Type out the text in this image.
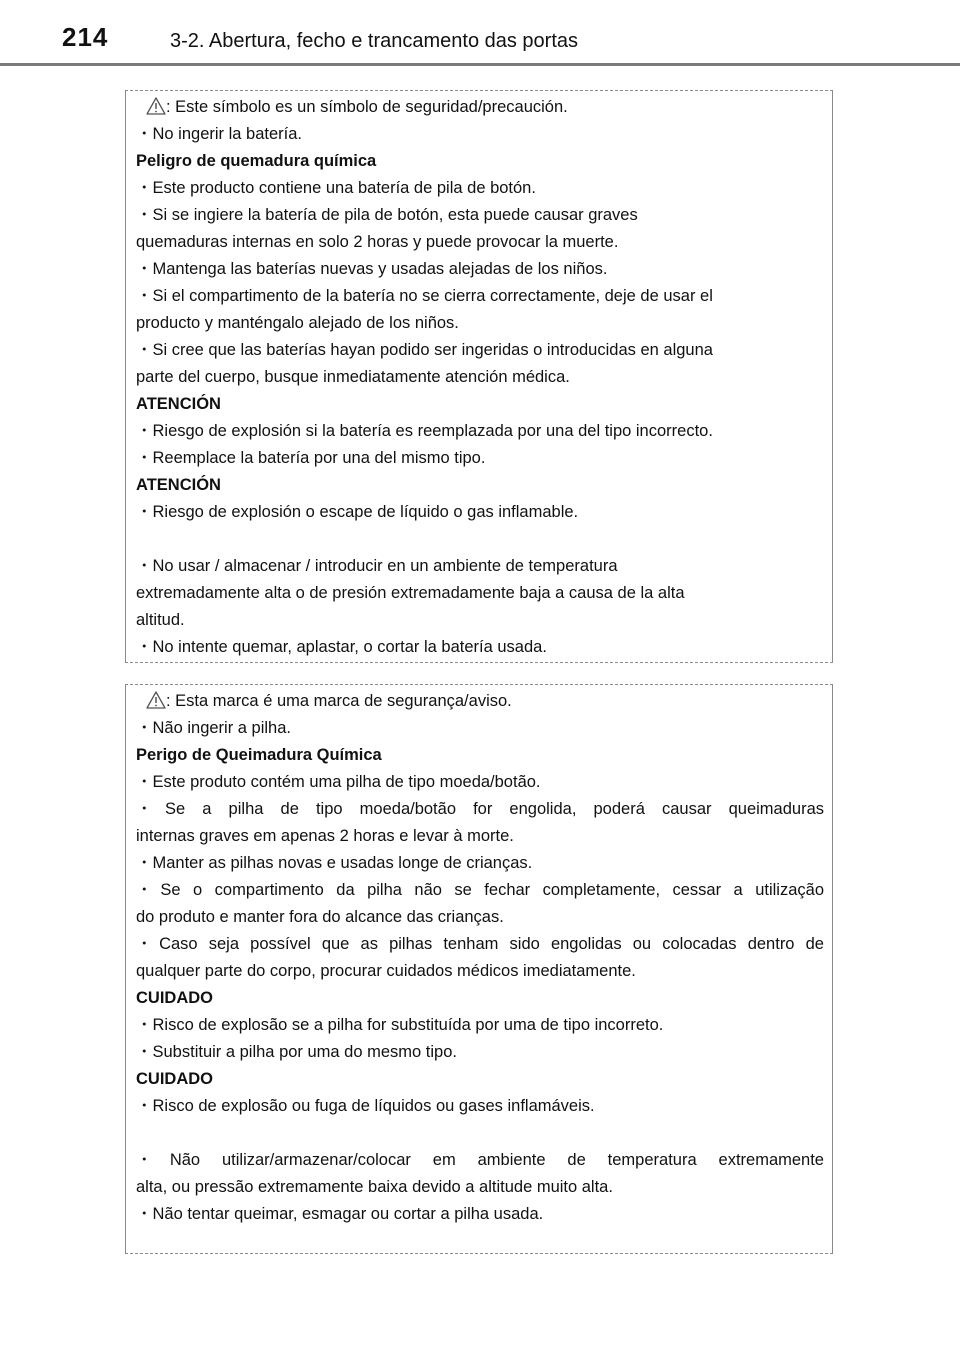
214	3-2. Abertura, fecho e trancamento das portas
: Este símbolo es un símbolo de seguridad/precaución.
・No ingerir la batería.
Peligro de quemadura química
・Este producto contiene una batería de pila de botón.
・Si se ingiere la batería de pila de botón, esta puede causar graves
quemaduras internas en solo 2 horas y puede provocar la muerte.
・Mantenga las baterías nuevas y usadas alejadas de los niños.
・Si el compartimento de la batería no se cierra correctamente, deje de usar el
producto y manténgalo alejado de los niños.
・Si cree que las baterías hayan podido ser ingeridas o introducidas en alguna
parte del cuerpo, busque inmediatamente atención médica.
ATENCIÓN
・Riesgo de explosión si la batería es reemplazada por una del tipo incorrecto.
・Reemplace la batería por una del mismo tipo.
ATENCIÓN
・Riesgo de explosión o escape de líquido o gas inflamable.
・No usar / almacenar / introducir en un ambiente de temperatura
extremadamente alta o de presión extremadamente baja a causa de la alta
altitud.
・No intente quemar, aplastar, o cortar la batería usada.
: Esta marca é uma marca de segurança/aviso.
・Não ingerir a pilha.
Perigo de Queimadura Química
・Este produto contém uma pilha de tipo moeda/botão.
・Se a pilha de tipo moeda/botão for engolida, poderá causar queimaduras
internas graves em apenas 2 horas e levar à morte.
・Manter as pilhas novas e usadas longe de crianças.
・Se o compartimento da pilha não se fechar completamente, cessar a utilização
do produto e manter fora do alcance das crianças.
・Caso seja possível que as pilhas tenham sido engolidas ou colocadas dentro de
qualquer parte do corpo, procurar cuidados médicos imediatamente.
CUIDADO
・Risco de explosão se a pilha for substituída por uma de tipo incorreto.
・Substituir a pilha por uma do mesmo tipo.
CUIDADO
・Risco de explosão ou fuga de líquidos ou gases inflamáveis.
・Não utilizar/armazenar/colocar em ambiente de temperatura extremamente
alta, ou pressão extremamente baixa devido a altitude muito alta.
・Não tentar queimar, esmagar ou cortar a pilha usada.
